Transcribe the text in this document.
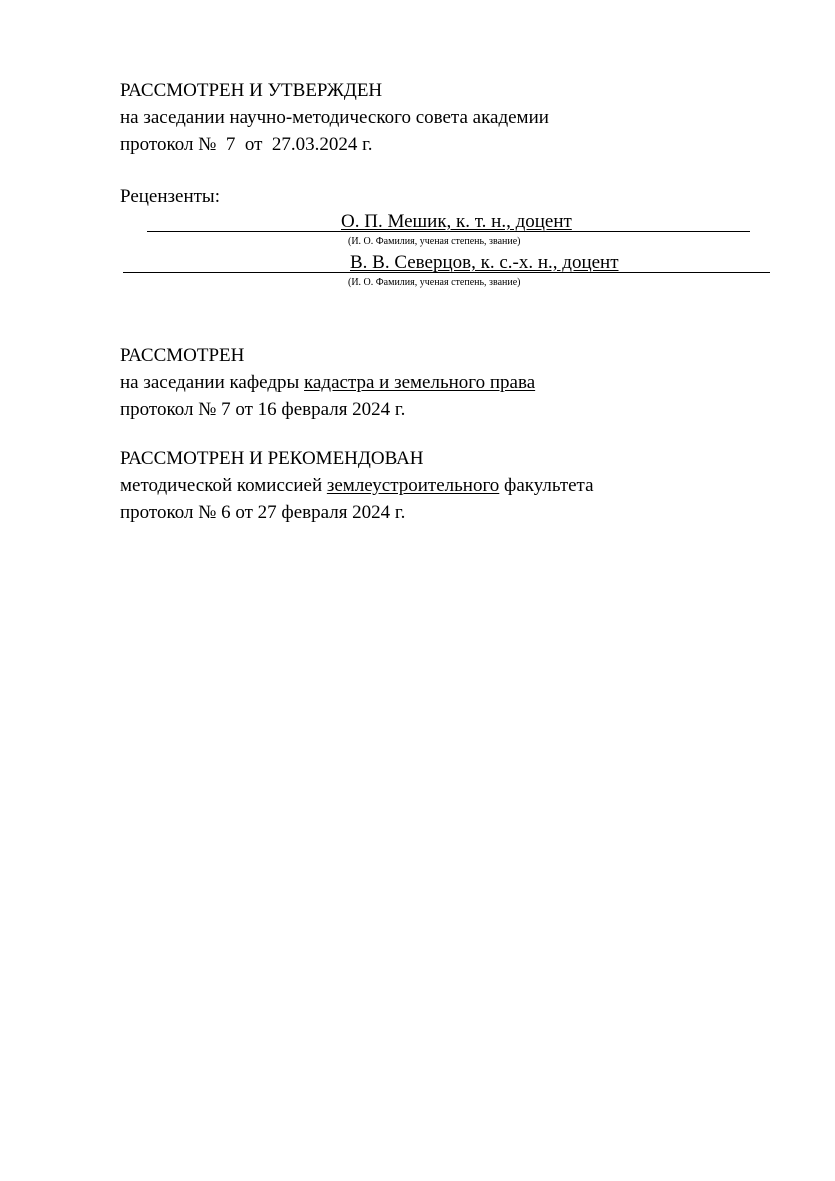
РАССМОТРЕН И УТВЕРЖДЕН
на заседании научно-методического совета академии
протокол №  7  от  27.03.2024 г.
Рецензенты:
О. П. Мешик, к. т. н., доцент
(И. О. Фамилия, ученая степень, звание)
В. В. Северцов, к. с.-х. н., доцент
(И. О. Фамилия, ученая степень, звание)
РАССМОТРЕН
на заседании кафедры кадастра и земельного права
протокол № 7 от 16 февраля 2024 г.
РАССМОТРЕН И РЕКОМЕНДОВАН
методической комиссией землеустроительного факультета
протокол № 6 от 27 февраля 2024 г.
